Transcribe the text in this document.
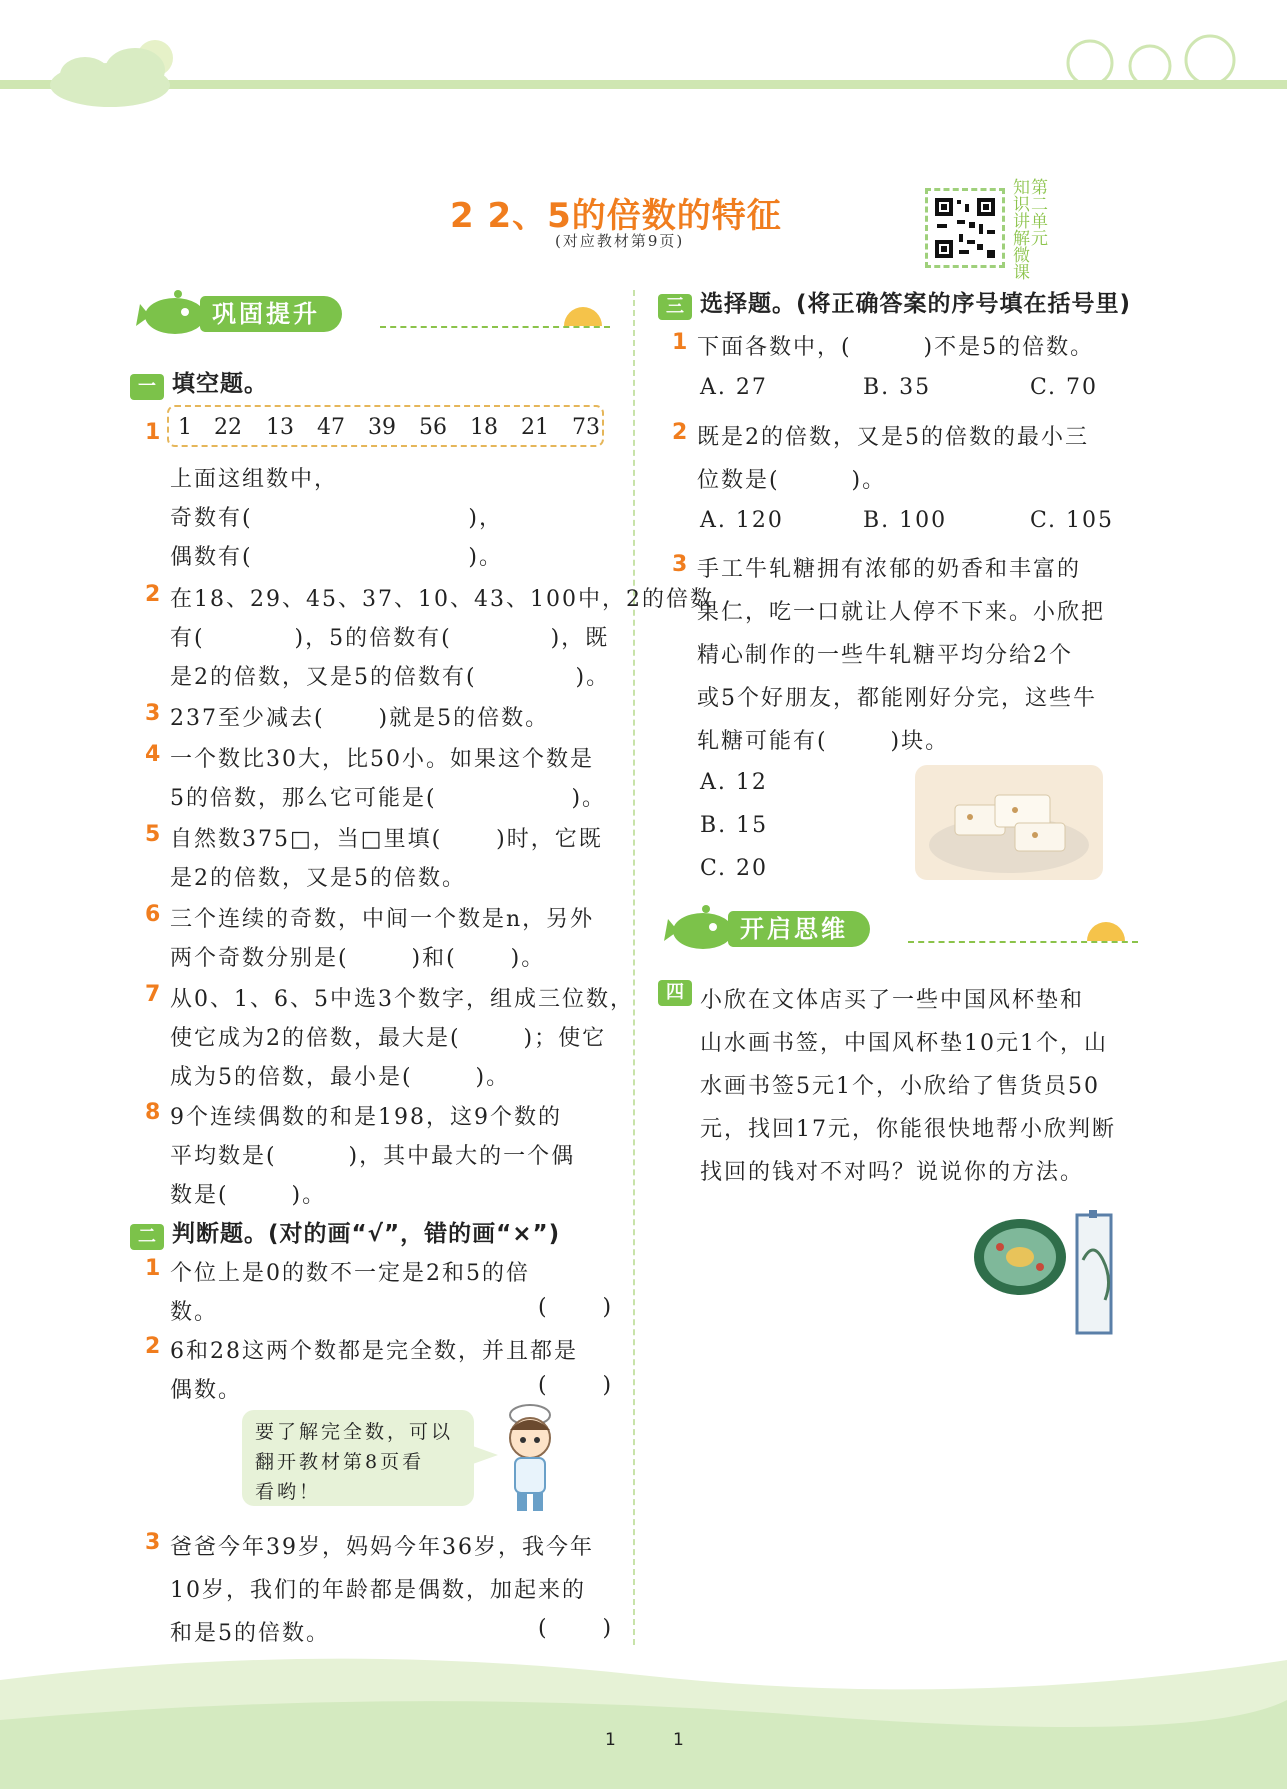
2 2、5的倍数的特征
(对应教材第9页)	知识讲解微课
第二单元
巩固提升
一 填空题。
1 1 22 13 47 39 56 18 21 73
上面这组数中，
奇数有(                        )，
偶数有(                        )。
2 在18、29、45、37、10、43、100中，2的倍数
有(          )，5的倍数有(           )，既
是2的倍数，又是5的倍数有(           )。
3 237至少减去(      )就是5的倍数。
4 一个数比30大，比50小。如果这个数是
5的倍数，那么它可能是(               )。
5 自然数375□，当□里填(      )时，它既
是2的倍数，又是5的倍数。
6 三个连续的奇数，中间一个数是n，另外
两个奇数分别是(       )和(      )。
7 从0、1、6、5中选3个数字，组成三位数，
使它成为2的倍数，最大是(       )；使它
成为5的倍数，最小是(       )。
8 9个连续偶数的和是198，这9个数的
平均数是(        )，其中最大的一个偶
数是(       )。
二 判断题。(对的画“√”，错的画“×”)
1 个位上是0的数不一定是2和5的倍
数。	(      )
2 6和28这两个数都是完全数，并且都是
偶数。	(      )
要了解完全数，可以
翻开教材第8页看
看哟！
3 爸爸今年39岁，妈妈今年36岁，我今年
10岁，我们的年龄都是偶数，加起来的
和是5的倍数。	(      )
三 选择题。(将正确答案的序号填在括号里)
1 下面各数中，(        )不是5的倍数。
A. 27	B. 35	C. 70
2 既是2的倍数，又是5的倍数的最小三
位数是(        )。
A. 120	B. 100	C. 105
3 手工牛轧糖拥有浓郁的奶香和丰富的
果仁，吃一口就让人停不下来。小欣把
精心制作的一些牛轧糖平均分给2个
或5个好朋友，都能刚好分完，这些牛
轧糖可能有(       )块。
A. 12
B. 15
C. 20
开启思维
四 小欣在文体店买了一些中国风杯垫和
山水画书签，中国风杯垫10元1个，山
水画书签5元1个，小欣给了售货员50
元，找回17元，你能很快地帮小欣判断
找回的钱对不对吗？说说你的方法。
1	1
